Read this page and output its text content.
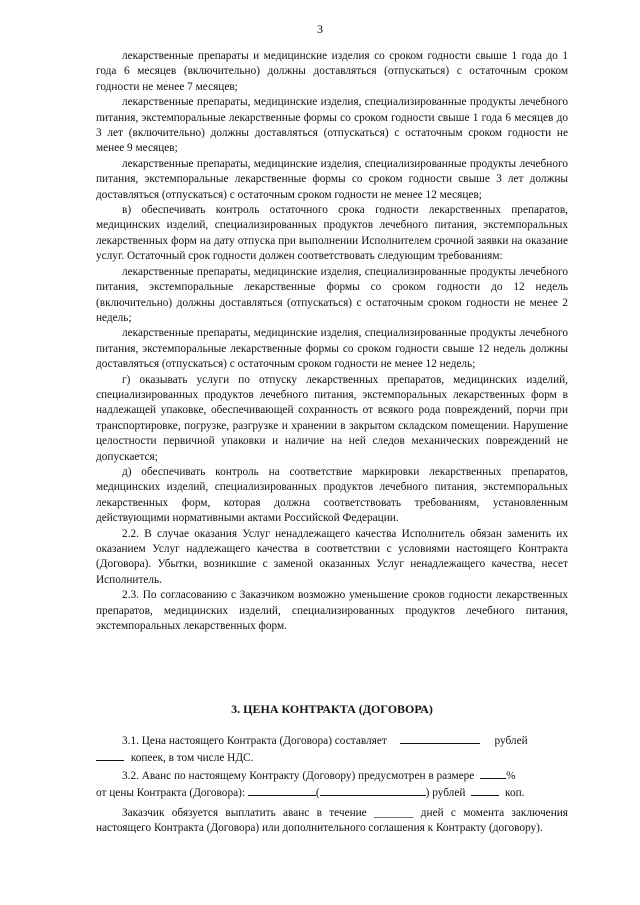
3

лекарственные препараты и медицинские изделия со сроком годности свыше 1 года до 1 года 6 месяцев (включительно) должны доставляться (отпускаться) с остаточным сроком годности не менее 7 месяцев;

лекарственные препараты, медицинские изделия, специализированные продукты лечебного питания, экстемпоральные лекарственные формы со сроком годности свыше 1 года 6 месяцев до 3 лет (включительно) должны доставляться (отпускаться) с остаточным сроком годности не менее 9 месяцев;

лекарственные препараты, медицинские изделия, специализированные продукты лечебного питания, экстемпоральные лекарственные формы со сроком годности свыше 3 лет должны доставляться (отпускаться) с остаточным сроком годности не менее 12 месяцев;

в) обеспечивать контроль остаточного срока годности лекарственных препаратов, медицинских изделий, специализированных продуктов лечебного питания, экстемпоральных лекарственных форм на дату отпуска при выполнении Исполнителем срочной заявки на оказание услуг. Остаточный срок годности должен соответствовать следующим требованиям:

лекарственные препараты, медицинские изделия, специализированные продукты лечебного питания, экстемпоральные лекарственные формы со сроком годности до 12 недель (включительно) должны доставляться (отпускаться) с остаточным сроком годности не менее 2 недель;

лекарственные препараты, медицинские изделия, специализированные продукты лечебного питания, экстемпоральные лекарственные формы со сроком годности свыше 12 недель должны доставляться (отпускаться) с остаточным сроком годности не менее 12 недель;

г) оказывать услуги по отпуску лекарственных препаратов, медицинских изделий, специализированных продуктов лечебного питания, экстемпоральных лекарственных форм в надлежащей упаковке, обеспечивающей сохранность от всякого рода повреждений, порчи при транспортировке, погрузке, разгрузке и хранении в закрытом складском помещении. Нарушение целостности первичной упаковки и наличие на ней следов механических повреждений не допускается;

д) обеспечивать контроль на соответствие маркировки лекарственных препаратов, медицинских изделий, специализированных продуктов лечебного питания, экстемпоральных лекарственных форм, которая должна соответствовать требованиям, установленным действующими нормативными актами Российской Федерации.

2.2. В случае оказания Услуг ненадлежащего качества Исполнитель обязан заменить их оказанием Услуг надлежащего качества в соответствии с условиями настоящего Контракта (Договора). Убытки, возникшие с заменой оказанных Услуг ненадлежащего качества, несет Исполнитель.

2.3. По согласованию с Заказчиком возможно уменьшение сроков годности лекарственных препаратов, медицинских изделий, специализированных продуктов лечебного питания, экстемпоральных лекарственных форм.

3. ЦЕНА КОНТРАКТА (ДОГОВОРА)
3.1. Цена настоящего Контракта (Договора) составляет	рублей
копеек, в том числе НДС.
3.2. Аванс по настоящему Контракту (Договору) предусмотрен в размере	%
от цены Контракта (Договора):	(	) рублей	коп.

Заказчик обязуется выплатить аванс в течение _______ дней с момента заключения настоящего Контракта (Договора) или дополнительного соглашения к Контракту (договору).
